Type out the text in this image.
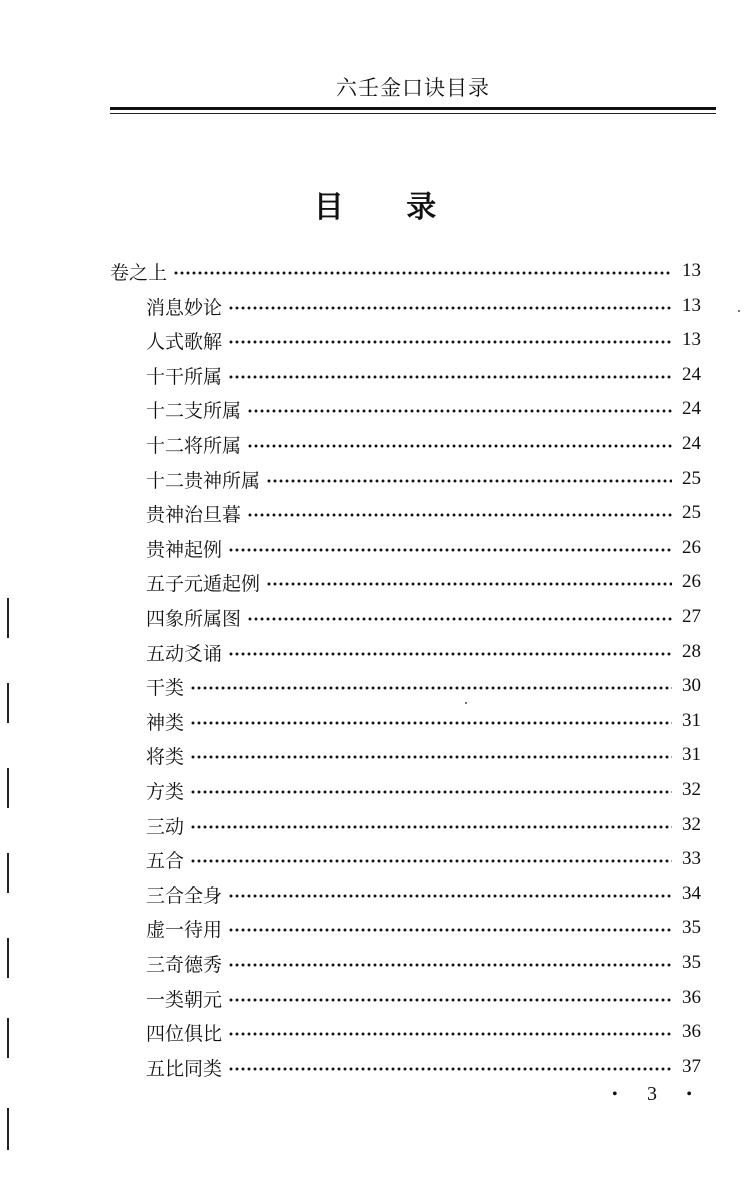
六壬金口诀目录
目 录
卷之上	13
消息妙论	13
人式歌解	13
十干所属	24
十二支所属	24
十二将所属	24
十二贵神所属	25
贵神治旦暮	25
贵神起例	26
五子元遁起例	26
四象所属图	27
五动爻诵	28
干类	30
神类	31
将类	31
方类	32
三动	32
五合	33
三合全身	34
虚一待用	35
三奇德秀	35
一类朝元	36
四位俱比	36
五比同类	37
• 3 •
